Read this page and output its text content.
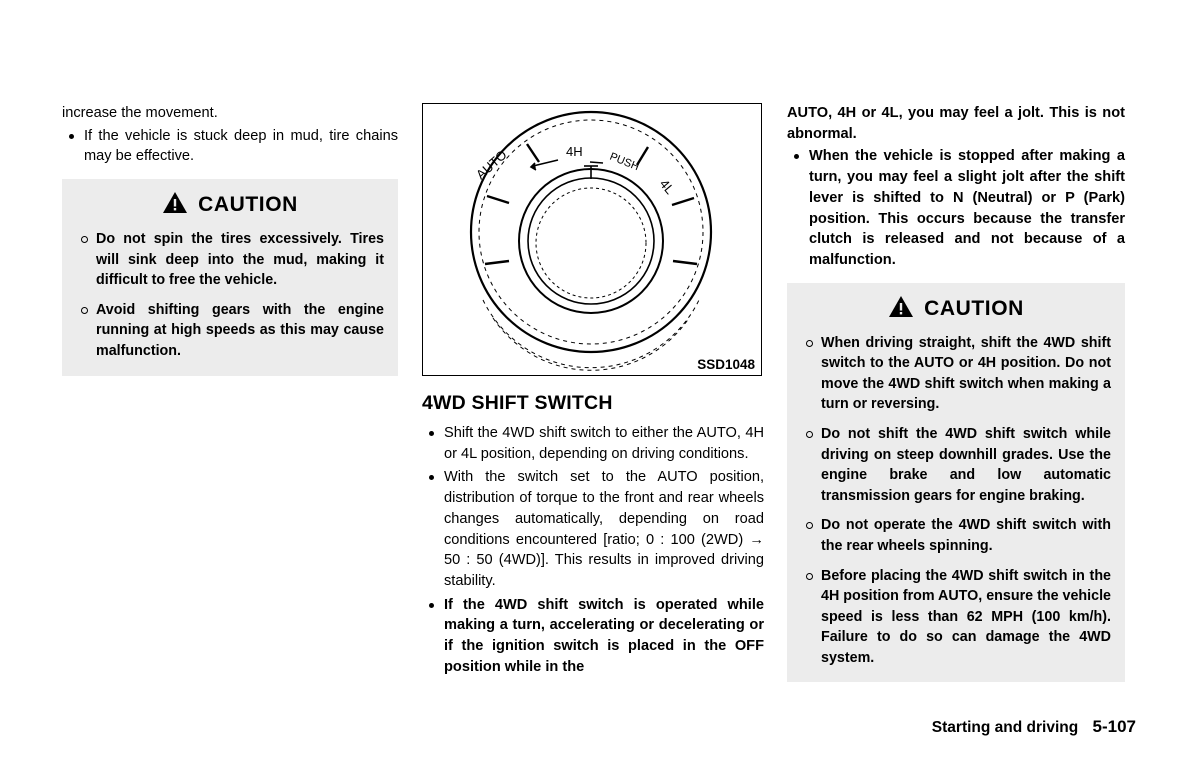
increase the movement.

If the vehicle is stuck deep in mud, tire chains may be effective.
CAUTION
Do not spin the tires excessively. Tires will sink deep into the mud, making it difficult to free the vehicle.
Avoid shifting gears with the engine running at high speeds as this may cause malfunction.
AUTO	4H PUSH
4L
SSD1048
4WD SHIFT SWITCH
Shift the 4WD shift switch to either the AUTO, 4H or 4L position, depending on driving conditions.
With the switch set to the AUTO position, distribution of torque to the front and rear wheels changes automatically, depending on road conditions encountered [ratio; 0 : 100 (2WD) → 50 : 50 (4WD)]. This results in improved driving stability.
If the 4WD shift switch is operated while making a turn, accelerating or decelerating or if the ignition switch is placed in the OFF position while in the

AUTO, 4H or 4L, you may feel a jolt. This is not abnormal.

When the vehicle is stopped after making a turn, you may feel a slight jolt after the shift lever is shifted to N (Neutral) or P (Park) position. This occurs because the transfer clutch is released and not because of a malfunction.
CAUTION
When driving straight, shift the 4WD shift switch to the AUTO or 4H position. Do not move the 4WD shift switch when making a turn or reversing.
Do not shift the 4WD shift switch while driving on steep downhill grades. Use the engine brake and low automatic transmission gears for engine braking.
Do not operate the 4WD shift switch with the rear wheels spinning.
Before placing the 4WD shift switch in the 4H position from AUTO, ensure the vehicle speed is less than 62 MPH (100 km/h). Failure to do so can damage the 4WD system.
Starting and driving 5-107
